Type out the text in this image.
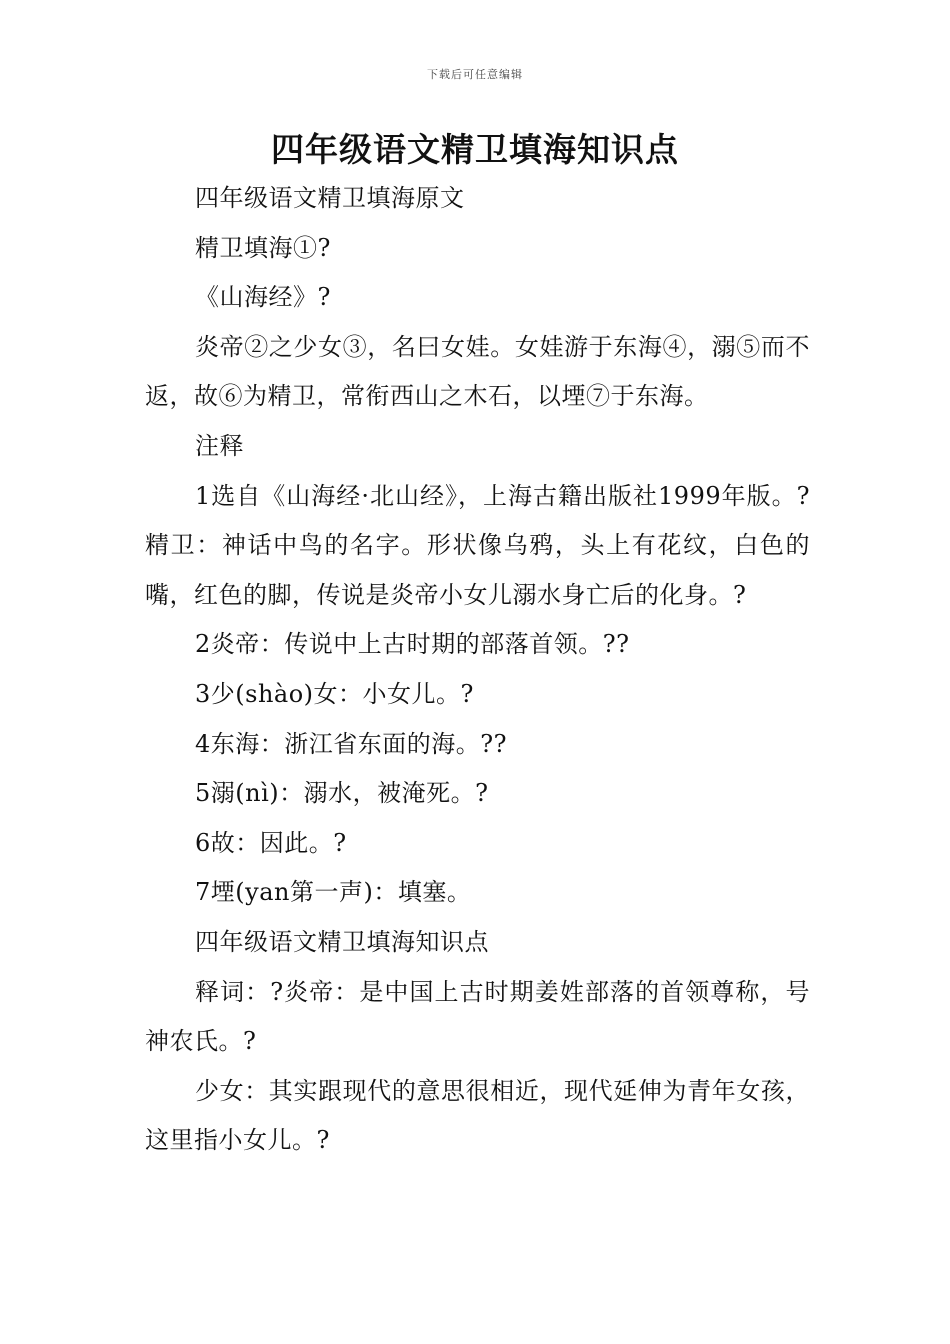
下载后可任意编辑
四年级语文精卫填海知识点

四年级语文精卫填海原文

精卫填海①?

《山海经》?

炎帝②之少女③，名曰女娃。女娃游于东海④，溺⑤而不返，故⑥为精卫，常衔西山之木石，以堙⑦于东海。

注释

1选自《山海经·北山经》，上海古籍出版社1999年版。?精卫：神话中鸟的名字。形状像乌鸦，头上有花纹，白色的嘴，红色的脚，传说是炎帝小女儿溺水身亡后的化身。?

2炎帝：传说中上古时期的部落首领。??

3少(shào)女：小女儿。?

4东海：浙江省东面的海。??

5溺(nì)：溺水，被淹死。?

6故：因此。?

7堙(yan第一声)：填塞。

四年级语文精卫填海知识点

释词：?炎帝：是中国上古时期姜姓部落的首领尊称，号神农氏。?

少女：其实跟现代的意思很相近，现代延伸为青年女孩，这里指小女儿。?
